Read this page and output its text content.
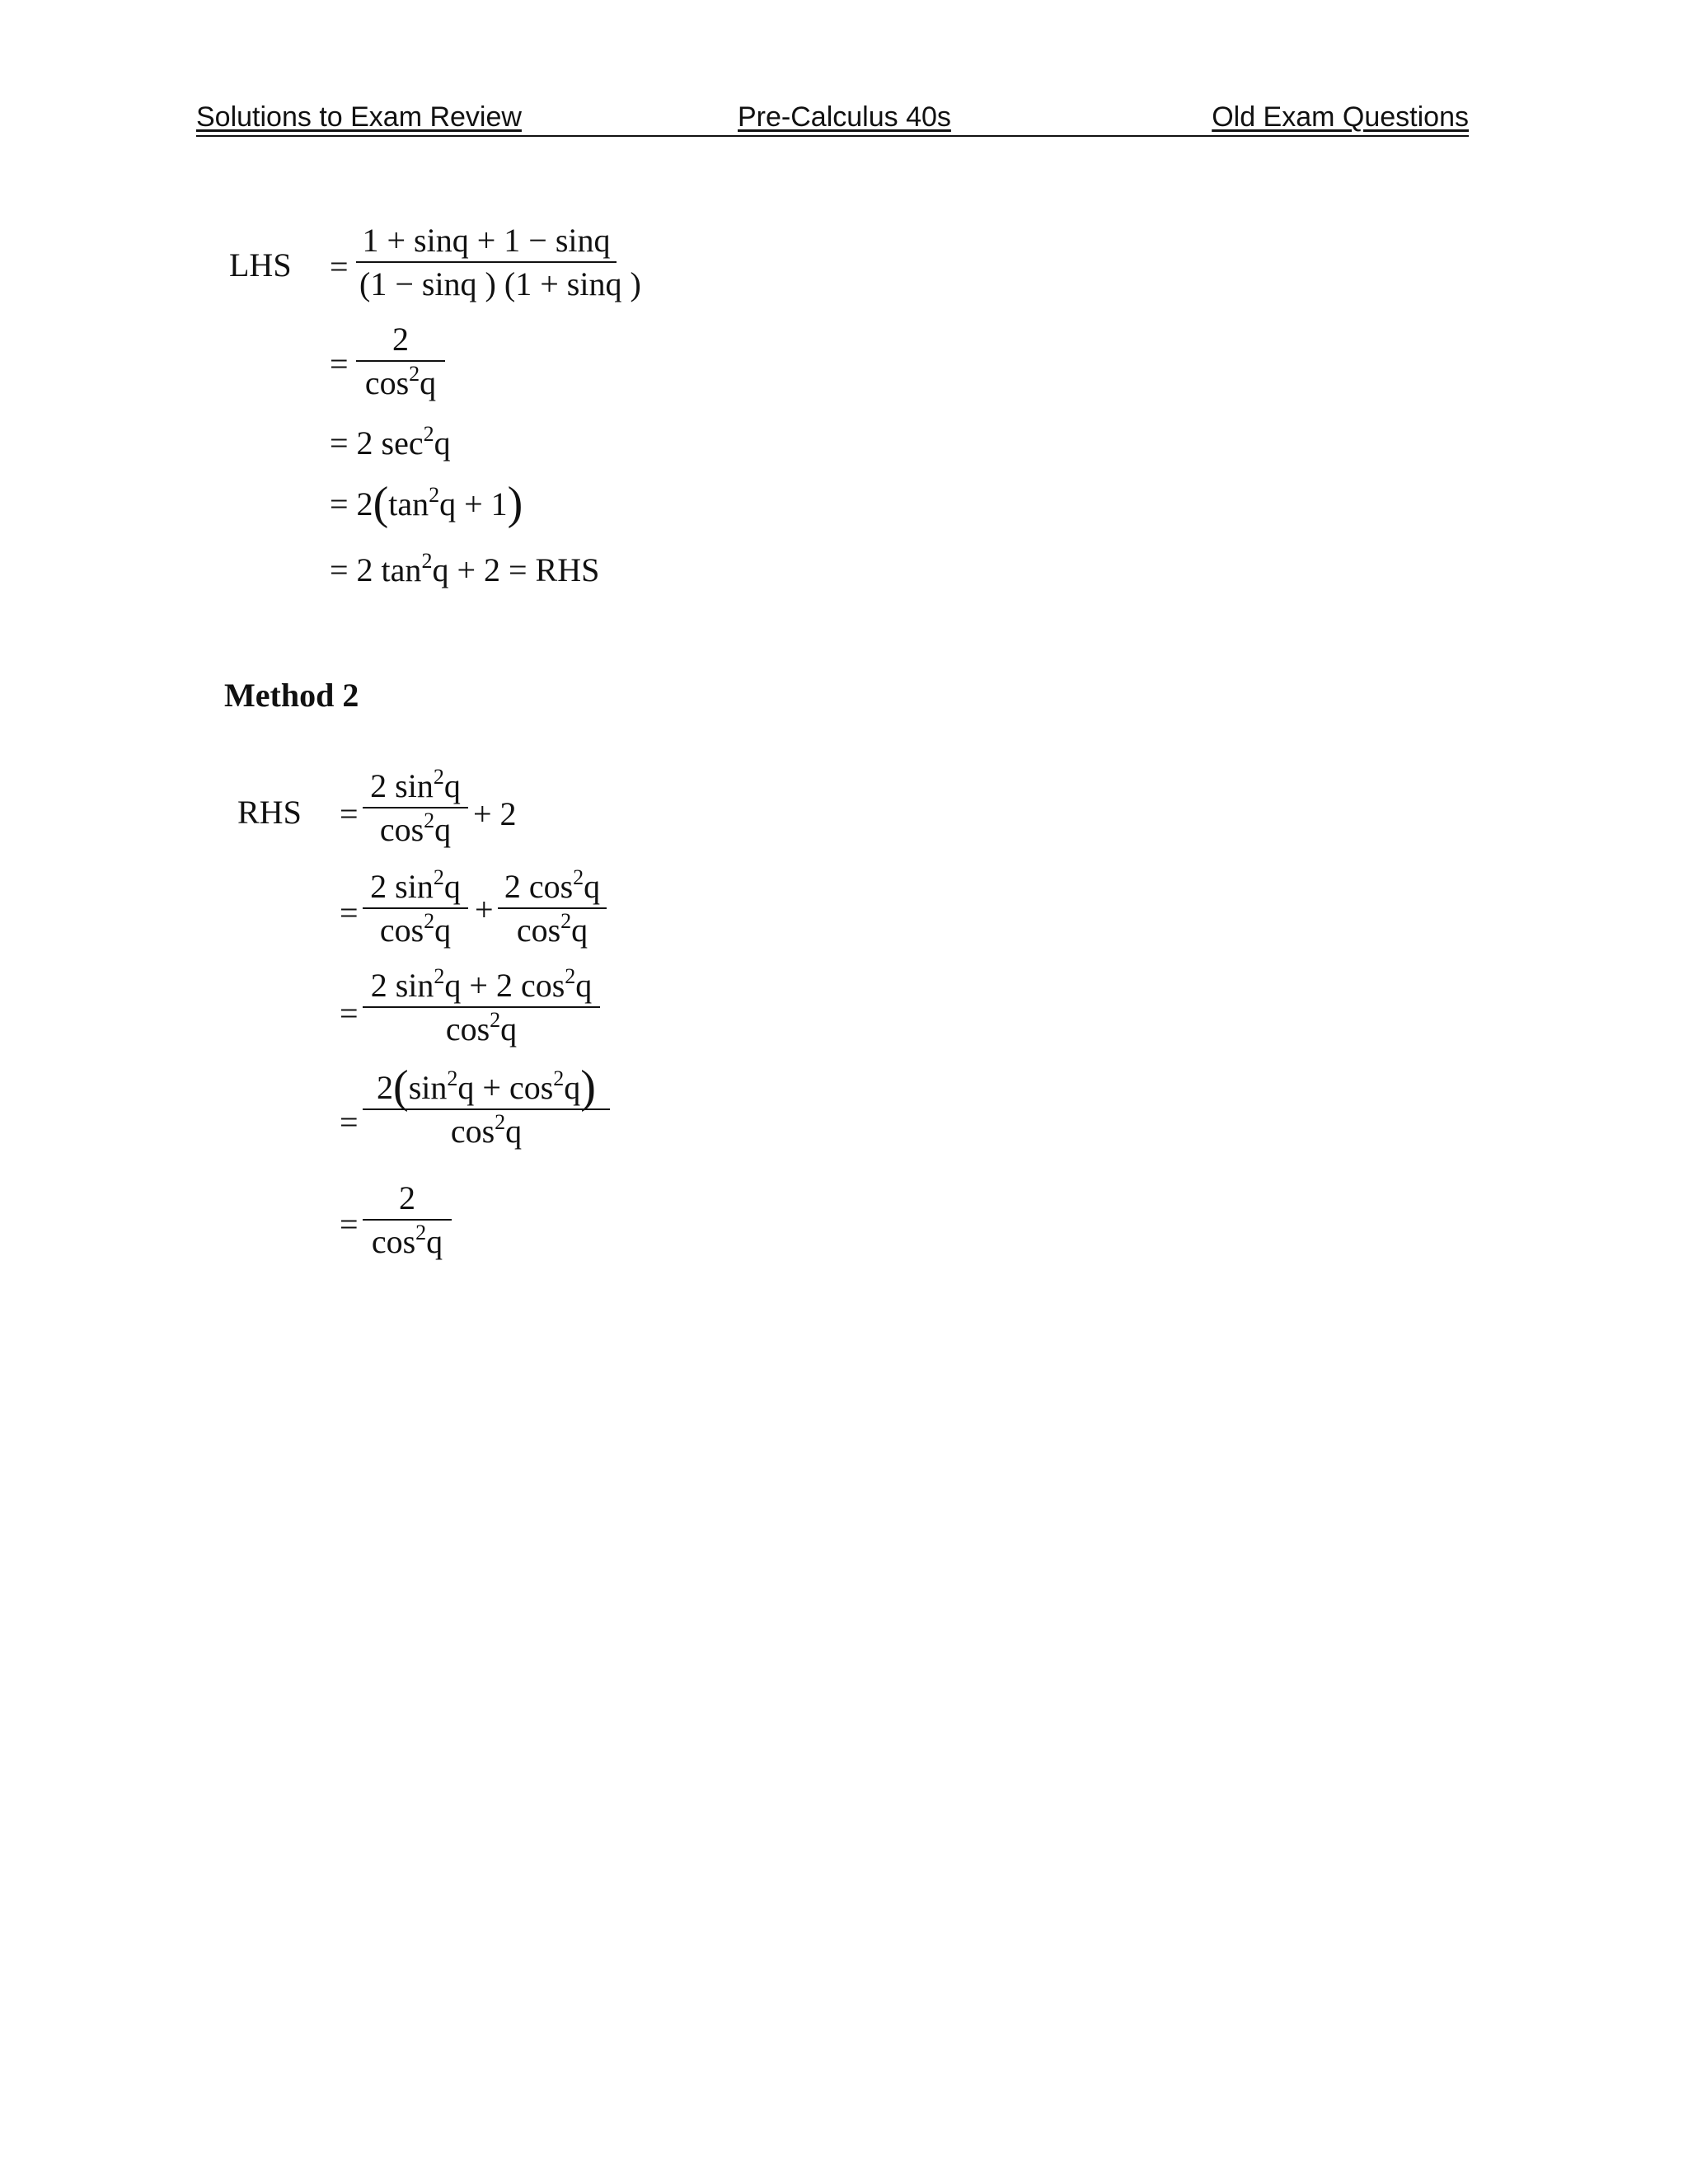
Solutions to Exam Review	Pre-Calculus 40s	Old Exam Questions
LHS =
1 + sinq + 1 − sinq
(1 − sinq ) (1 + sinq )
=
2
$\cos^2q$
= 2 $\sec^2q$
= $2(\tan^2q + 1)$
= 2 $\tan^2q + 2$ = RHS
Method 2
RHS =
2 $\sin^2q$
$\cos^2q + 2$
=
2 $\sin^2q$
$\cos^2q$
+
2 $\cos^2q$
$\cos^2q$
=
2 $\sin^2q + 2$ $\cos^2q$
$\cos^2q$
=
$2(\sin^2q + \cos^2q)$
$\cos^2q$
=
2
$\cos^2q$
